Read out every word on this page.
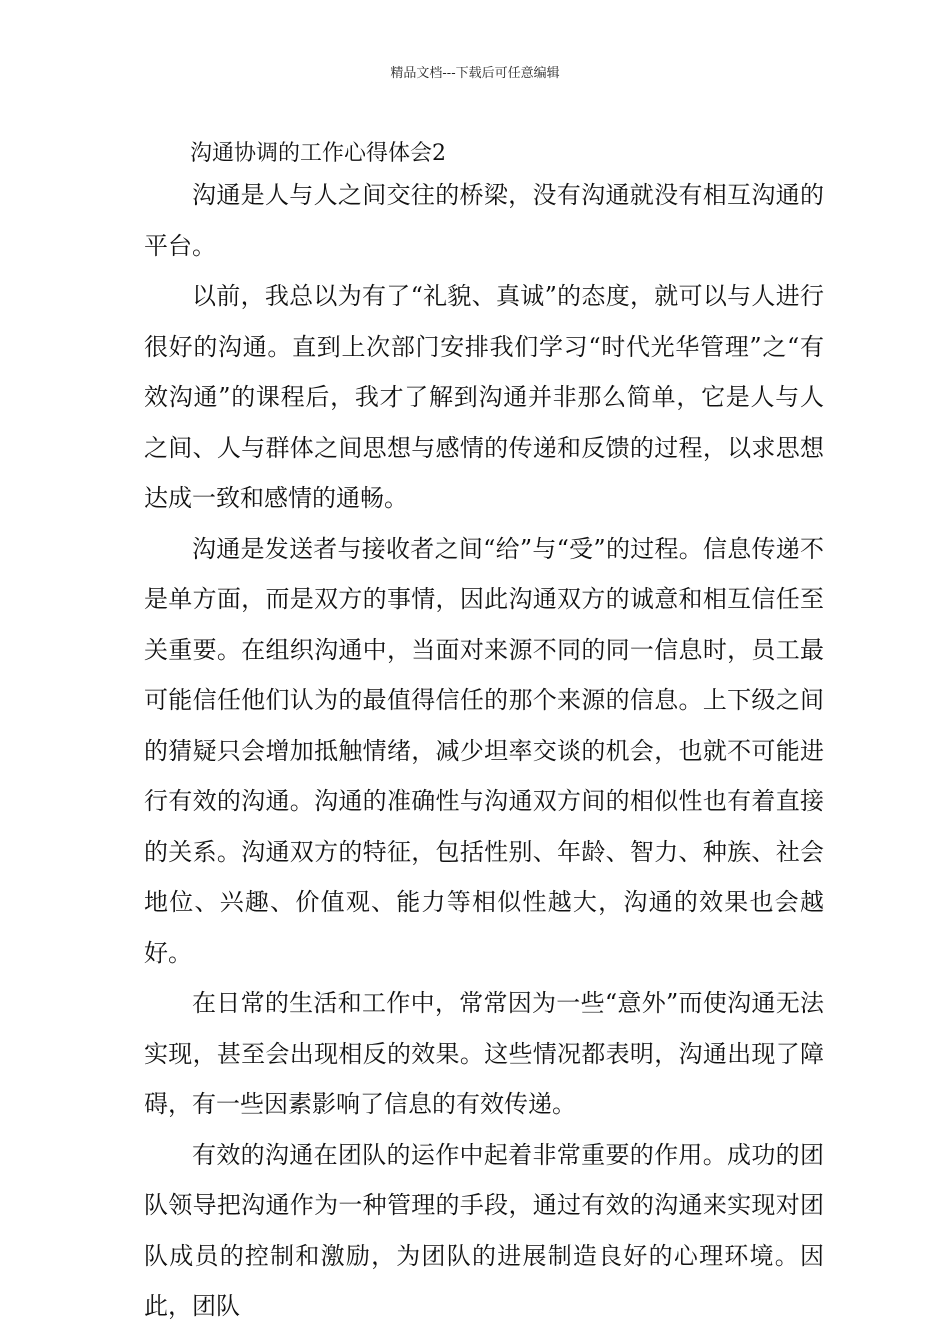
精品文档---下载后可任意编辑
沟通协调的工作心得体会2

沟通是人与人之间交往的桥梁，没有沟通就没有相互沟通的平台。

以前，我总以为有了“礼貌、真诚”的态度，就可以与人进行很好的沟通。直到上次部门安排我们学习“时代光华管理”之“有效沟通”的课程后，我才了解到沟通并非那么简单，它是人与人之间、人与群体之间思想与感情的传递和反馈的过程，以求思想达成一致和感情的通畅。

沟通是发送者与接收者之间“给”与“受”的过程。信息传递不是单方面，而是双方的事情，因此沟通双方的诚意和相互信任至关重要。在组织沟通中，当面对来源不同的同一信息时，员工最可能信任他们认为的最值得信任的那个来源的信息。上下级之间的猜疑只会增加抵触情绪，减少坦率交谈的机会，也就不可能进行有效的沟通。沟通的准确性与沟通双方间的相似性也有着直接的关系。沟通双方的特征，包括性别、年龄、智力、种族、社会地位、兴趣、价值观、能力等相似性越大，沟通的效果也会越好。

在日常的生活和工作中，常常因为一些“意外”而使沟通无法实现，甚至会出现相反的效果。这些情况都表明，沟通出现了障碍，有一些因素影响了信息的有效传递。

有效的沟通在团队的运作中起着非常重要的作用。成功的团队领导把沟通作为一种管理的手段，通过有效的沟通来实现对团队成员的控制和激励，为团队的进展制造良好的心理环境。因此，团队
